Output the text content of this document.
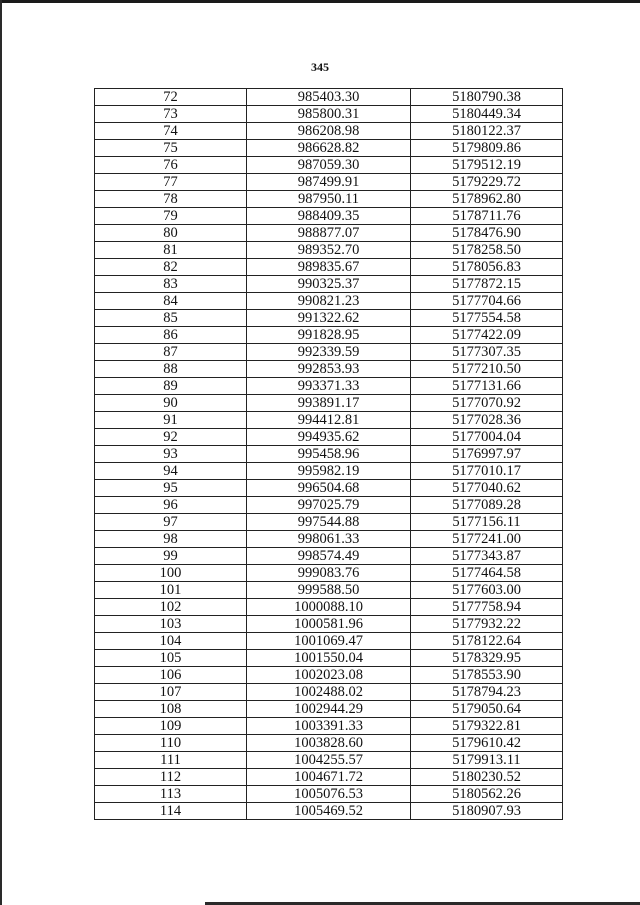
345
72	985403.30	5180790.38
73	985800.31	5180449.34
74	986208.98	5180122.37
75	986628.82	5179809.86
76	987059.30	5179512.19
77	987499.91	5179229.72
78	987950.11	5178962.80
79	988409.35	5178711.76
80	988877.07	5178476.90
81	989352.70	5178258.50
82	989835.67	5178056.83
83	990325.37	5177872.15
84	990821.23	5177704.66
85	991322.62	5177554.58
86	991828.95	5177422.09
87	992339.59	5177307.35
88	992853.93	5177210.50
89	993371.33	5177131.66
90	993891.17	5177070.92
91	994412.81	5177028.36
92	994935.62	5177004.04
93	995458.96	5176997.97
94	995982.19	5177010.17
95	996504.68	5177040.62
96	997025.79	5177089.28
97	997544.88	5177156.11
98	998061.33	5177241.00
99	998574.49	5177343.87
100	999083.76	5177464.58
101	999588.50	5177603.00
102	1000088.10	5177758.94
103	1000581.96	5177932.22
104	1001069.47	5178122.64
105	1001550.04	5178329.95
106	1002023.08	5178553.90
107	1002488.02	5178794.23
108	1002944.29	5179050.64
109	1003391.33	5179322.81
110	1003828.60	5179610.42
111	1004255.57	5179913.11
112	1004671.72	5180230.52
113	1005076.53	5180562.26
114	1005469.52	5180907.93
